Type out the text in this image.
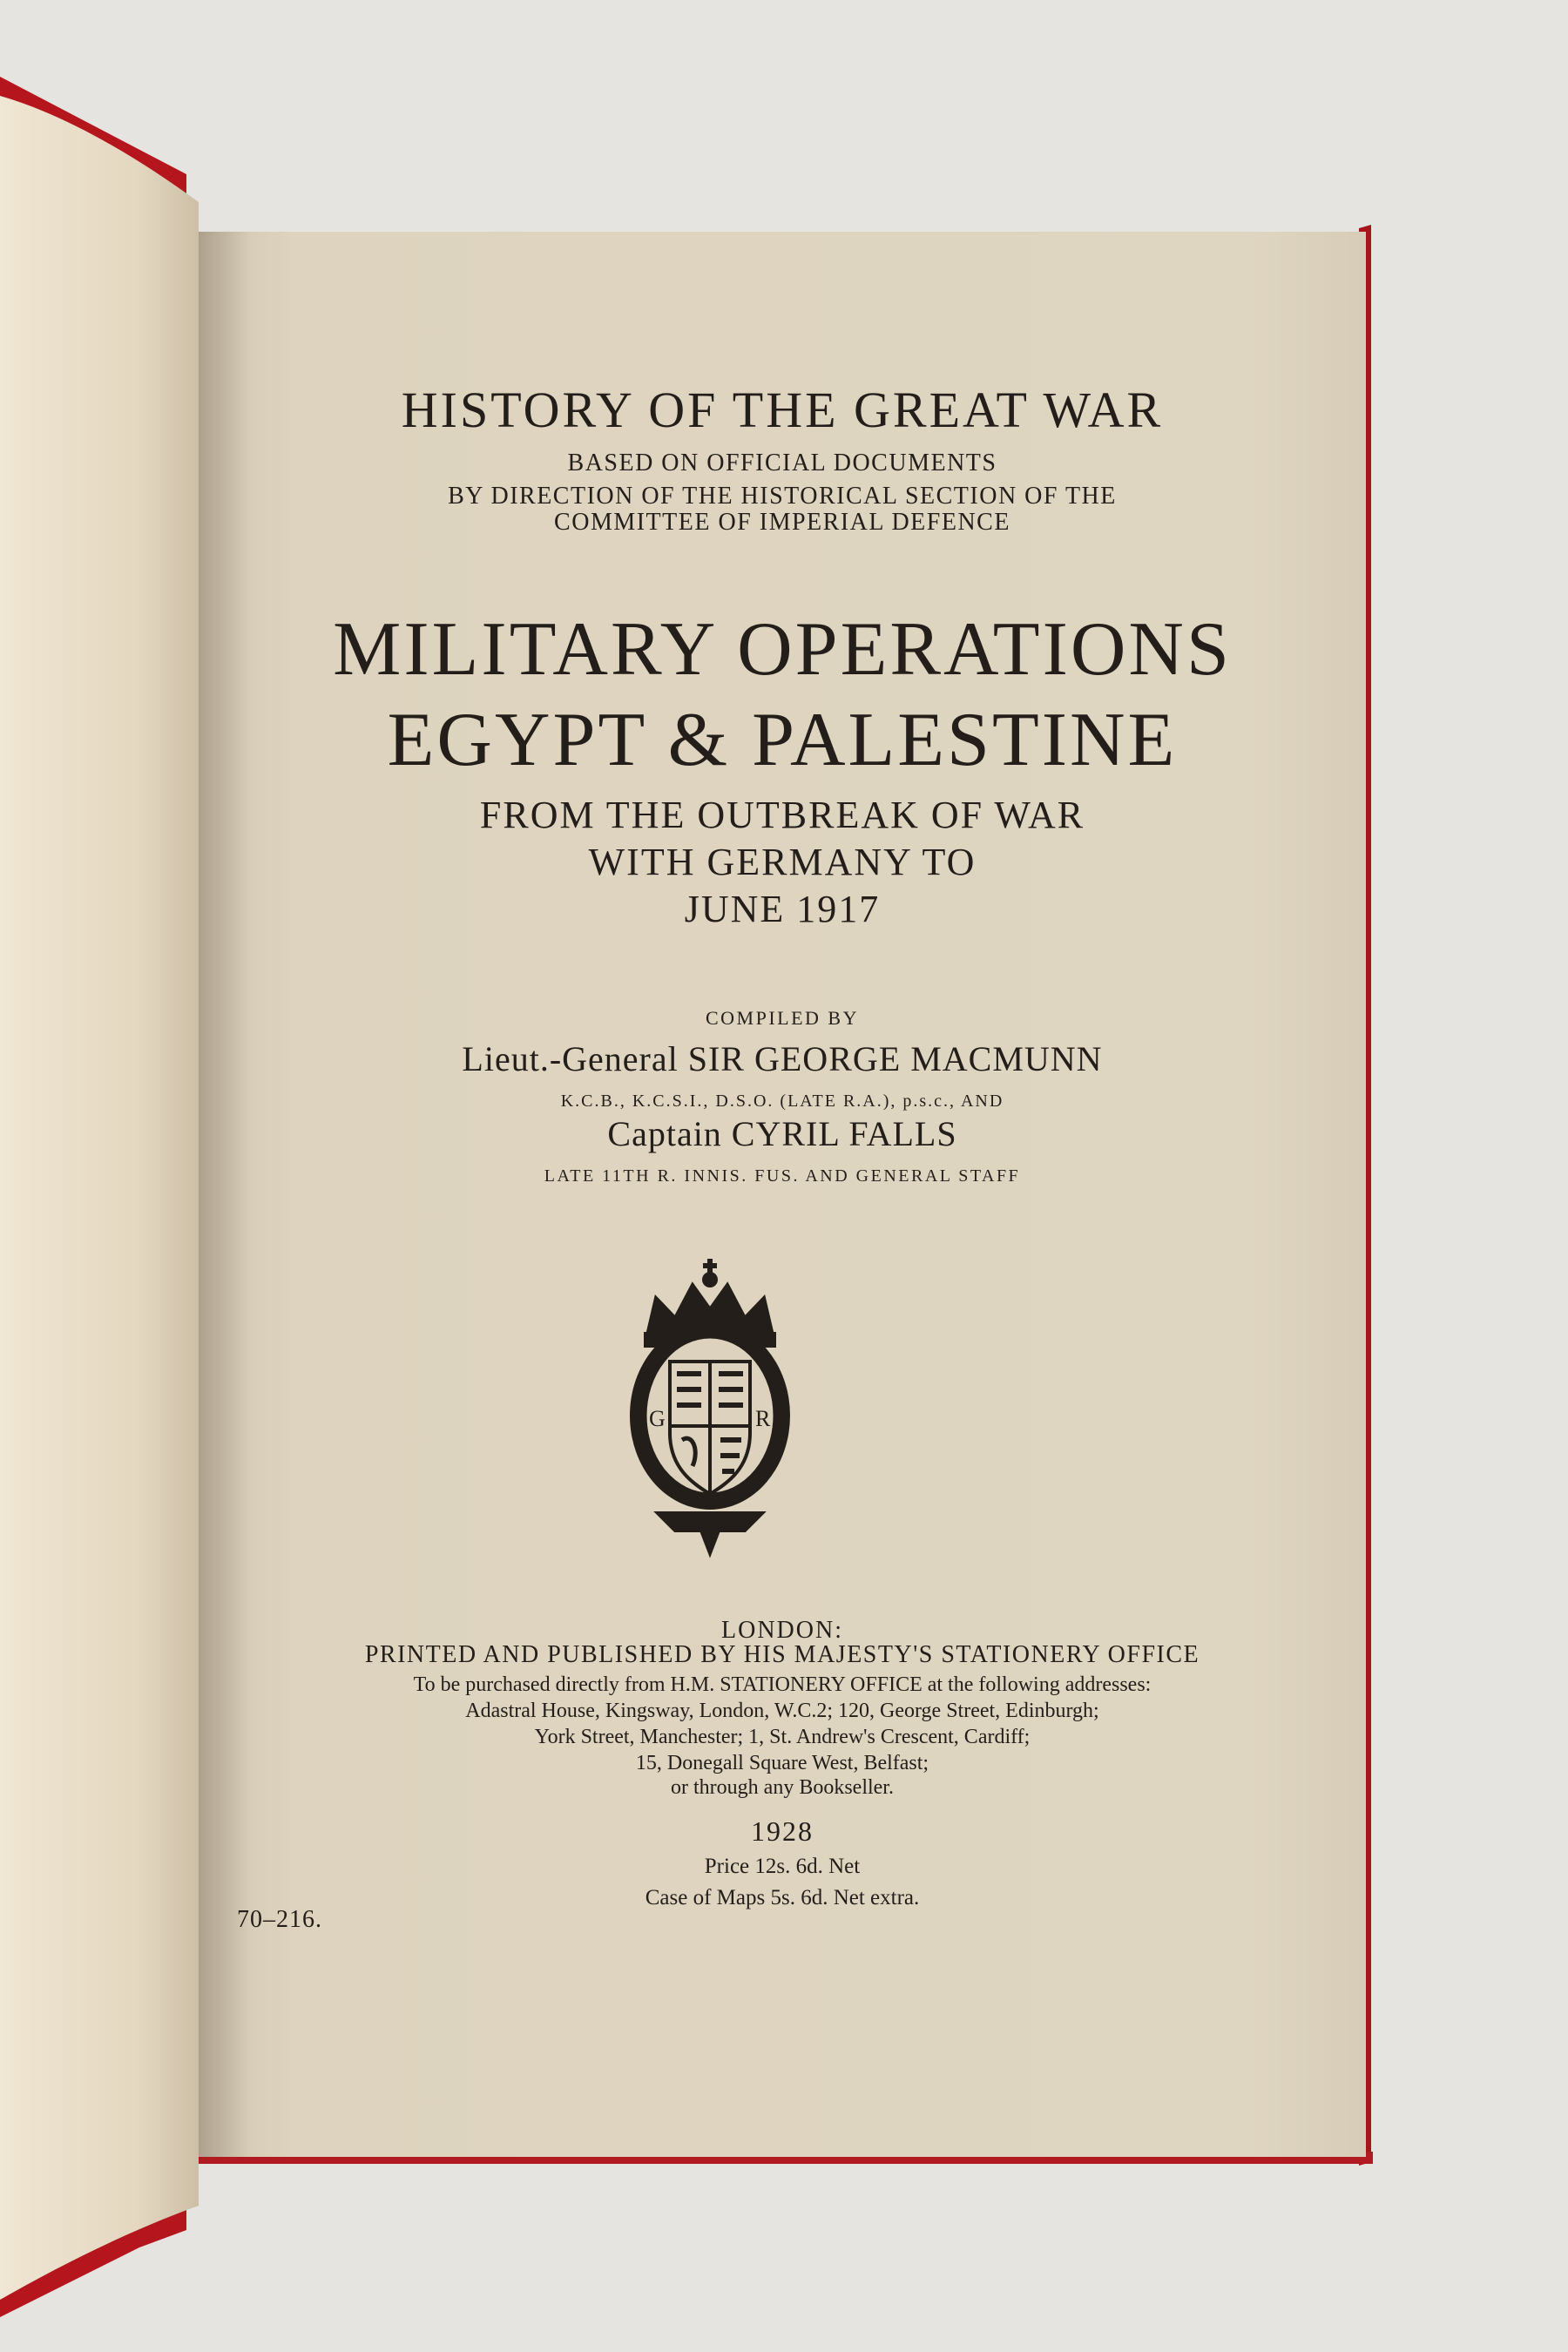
G	R
HISTORY OF THE GREAT WAR
BASED ON OFFICIAL DOCUMENTS
BY DIRECTION OF THE HISTORICAL SECTION OF THE
COMMITTEE OF IMPERIAL DEFENCE
MILITARY OPERATIONS
EGYPT & PALESTINE
FROM THE OUTBREAK OF WAR
WITH GERMANY TO
JUNE 1917
COMPILED BY
Lieut.-General SIR GEORGE MACMUNN
K.C.B., K.C.S.I., D.S.O. (LATE R.A.), p.s.c., AND
Captain CYRIL FALLS
LATE 11TH R. INNIS. FUS. AND GENERAL STAFF
LONDON:
PRINTED AND PUBLISHED BY HIS MAJESTY'S STATIONERY OFFICE
To be purchased directly from H.M. STATIONERY OFFICE at the following addresses:
Adastral House, Kingsway, London, W.C.2; 120, George Street, Edinburgh;
York Street, Manchester; 1, St. Andrew's Crescent, Cardiff;
15, Donegall Square West, Belfast;
or through any Bookseller.
1928
Price 12s. 6d. Net
Case of Maps 5s. 6d. Net extra.
70–216.
